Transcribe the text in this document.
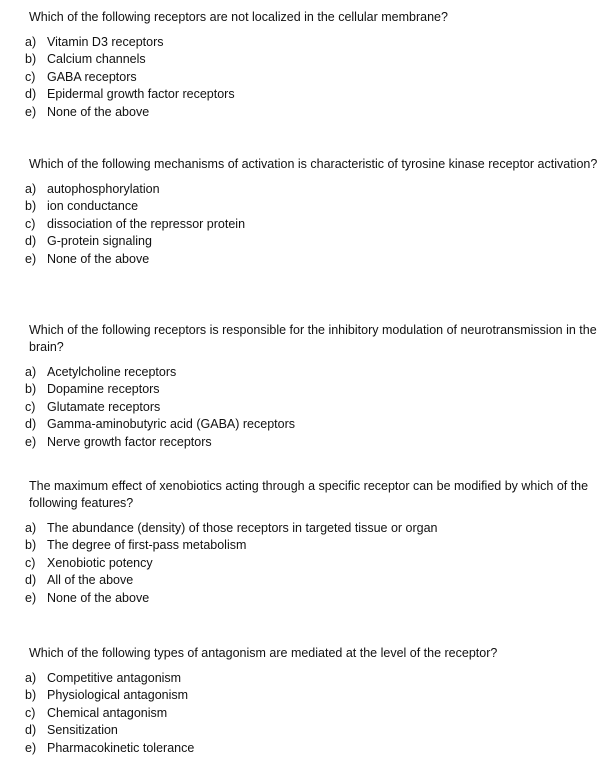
Which of the following receptors are not localized in the cellular membrane?

a) Vitamin D3 receptors
b) Calcium channels
c) GABA receptors
d) Epidermal growth factor receptors
e) None of the above

Which of the following mechanisms of activation is characteristic of tyrosine kinase receptor activation?

a) autophosphorylation
b) ion conductance
c) dissociation of the repressor protein
d) G-protein signaling
e) None of the above

Which of the following receptors is responsible for the inhibitory modulation of neurotransmission in the brain?

a) Acetylcholine receptors
b) Dopamine receptors
c) Glutamate receptors
d) Gamma-aminobutyric acid (GABA) receptors
e) Nerve growth factor receptors

The maximum effect of xenobiotics acting through a specific receptor can be modified by which of the following features?

a) The abundance (density) of those receptors in targeted tissue or organ
b) The degree of first-pass metabolism
c) Xenobiotic potency
d) All of the above
e) None of the above

Which of the following types of antagonism are mediated at the level of the receptor?

a) Competitive antagonism
b) Physiological antagonism
c) Chemical antagonism
d) Sensitization
e) Pharmacokinetic tolerance
